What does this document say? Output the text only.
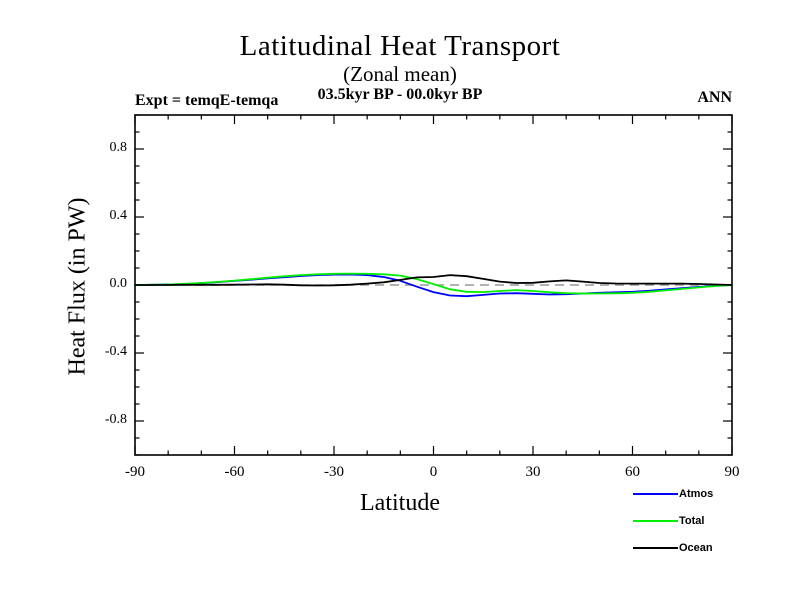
Latitudinal Heat Transport
(Zonal mean)
03.5kyr BP - 00.0kyr BP
Expt = temqE-temqa	ANN
-90	-60	-30	0	30	60	90
-0.8
-0.4
0.0
0.4
0.8
Latitude
Heat Flux (in PW)
Atmos
Total
Ocean
